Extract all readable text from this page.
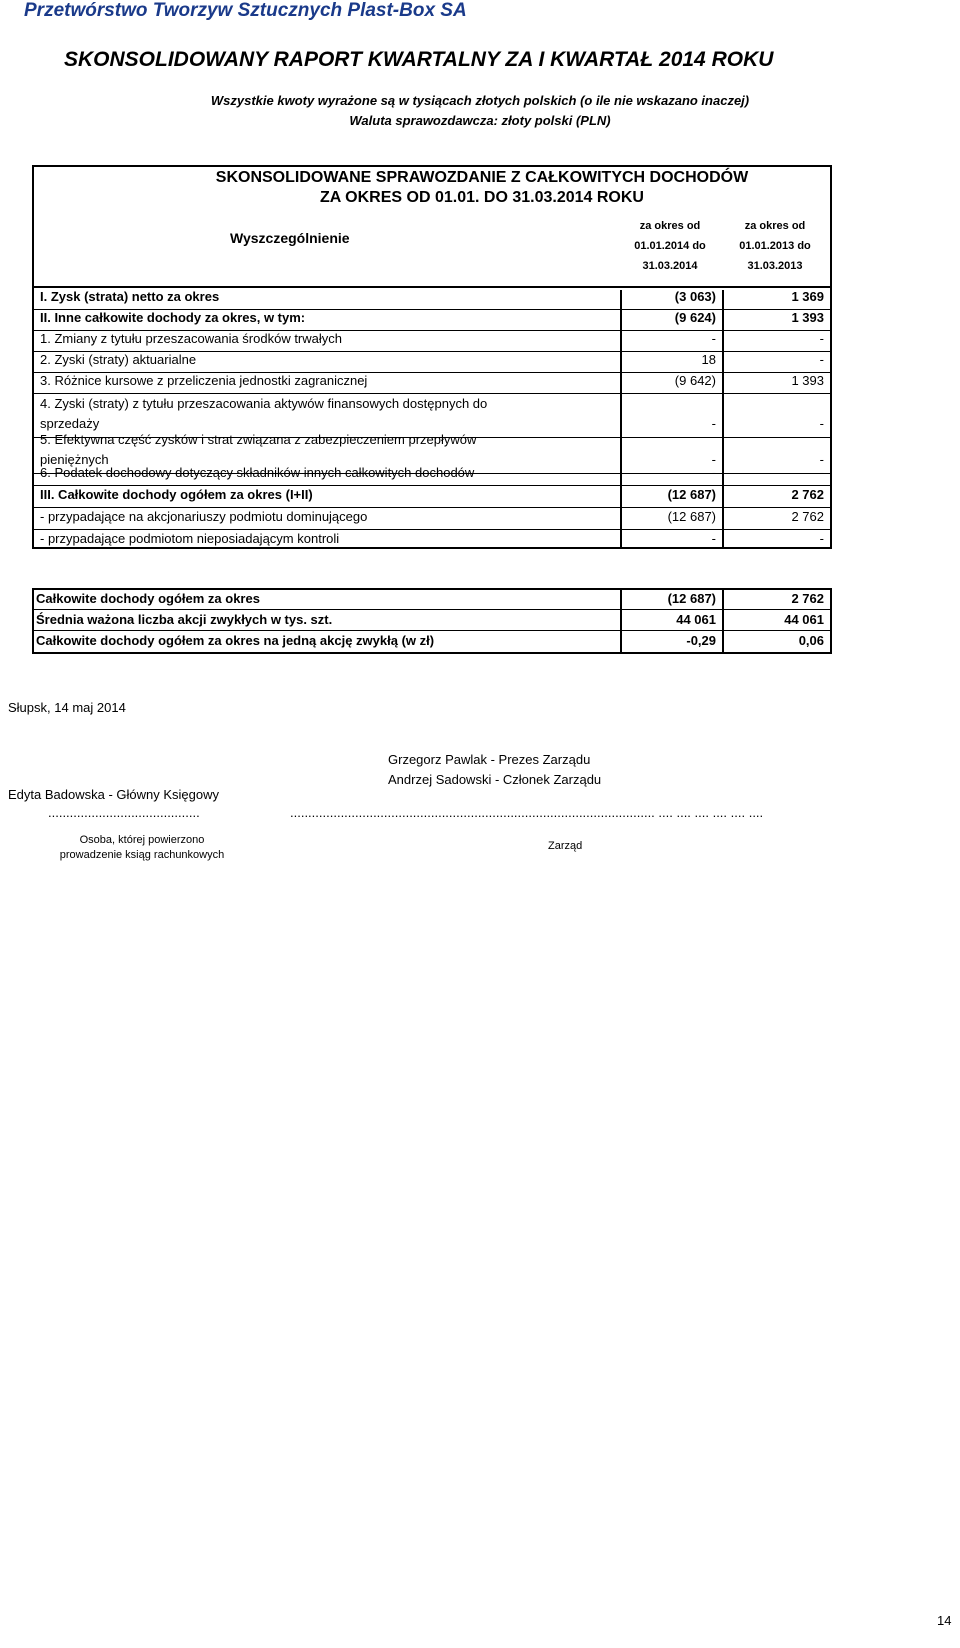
Przetwórstwo Tworzyw Sztucznych Plast-Box SA
SKONSOLIDOWANY RAPORT KWARTALNY ZA I KWARTAŁ 2014 ROKU
Wszystkie kwoty wyrażone są w tysiącach złotych polskich (o ile nie wskazano inaczej)
Waluta sprawozdawcza: złoty polski (PLN)
SKONSOLIDOWANE SPRAWOZDANIE Z CAŁKOWITYCH DOCHODÓW
ZA OKRES OD 01.01. DO 31.03.2014 ROKU
Wyszczególnienie
za okres od
01.01.2014 do
31.03.2014
za okres od
01.01.2013 do
31.03.2013
I. Zysk (strata) netto za okres	(3 063)	1 369
II. Inne całkowite dochody za okres, w tym:	(9 624)	1 393
1. Zmiany z tytułu przeszacowania środków trwałych	-	-
2. Zyski (straty) aktuarialne	18	-
3. Różnice kursowe z przeliczenia jednostki zagranicznej	(9 642)	1 393
4. Zyski (straty) z tytułu przeszacowania aktywów finansowych dostępnych do
sprzedaży	-	-
5. Efektywna część zysków i strat związana z zabezpieczeniem przepływów
pieniężnych	-	-
6. Podatek dochodowy dotyczący składników innych całkowitych dochodów	-	-
III. Całkowite dochody ogółem za okres (I+II)	(12 687)	2 762
- przypadające na akcjonariuszy podmiotu dominującego	(12 687)	2 762
- przypadające podmiotom nieposiadającym kontroli	-	-
Całkowite dochody ogółem za okres	(12 687)	2 762
Średnia ważona liczba akcji zwykłych w tys. szt.	44 061	44 061
Całkowite dochody ogółem za okres na jedną akcję zwykłą (w zł)	-0,29	0,06
Słupsk, 14 maj 2014
Grzegorz Pawlak - Prezes Zarządu
Andrzej Sadowski - Członek Zarządu
Edyta Badowska - Główny Księgowy
..........................................	..................................................................................................... .... .... .... .... .... ....
Osoba, której powierzono
prowadzenie ksiąg rachunkowych
Zarząd
14
